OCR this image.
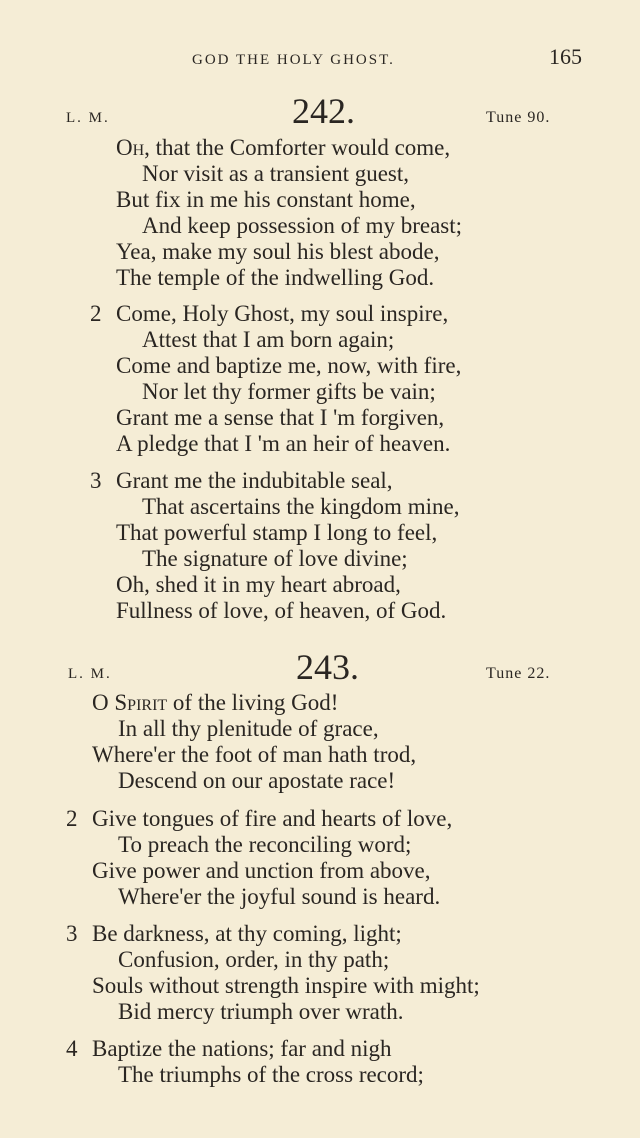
GOD THE HOLY GHOST.	165
L. M.	242.	Tune 90.
Oh, that the Comforter would come,
Nor visit as a transient guest,
But fix in me his constant home,
And keep possession of my breast;
Yea, make my soul his blest abode,
The temple of the indwelling God.
2 Come, Holy Ghost, my soul inspire,
Attest that I am born again;
Come and baptize me, now, with fire,
Nor let thy former gifts be vain;
Grant me a sense that I 'm forgiven,
A pledge that I 'm an heir of heaven.
3 Grant me the indubitable seal,
That ascertains the kingdom mine,
That powerful stamp I long to feel,
The signature of love divine;
Oh, shed it in my heart abroad,
Fullness of love, of heaven, of God.
L. M.	243.	Tune 22.
O Spirit of the living God!
In all thy plenitude of grace,
Where'er the foot of man hath trod,
Descend on our apostate race!
2 Give tongues of fire and hearts of love,
To preach the reconciling word;
Give power and unction from above,
Where'er the joyful sound is heard.
3 Be darkness, at thy coming, light;
Confusion, order, in thy path;
Souls without strength inspire with might;
Bid mercy triumph over wrath.
4 Baptize the nations; far and nigh
The triumphs of the cross record;
